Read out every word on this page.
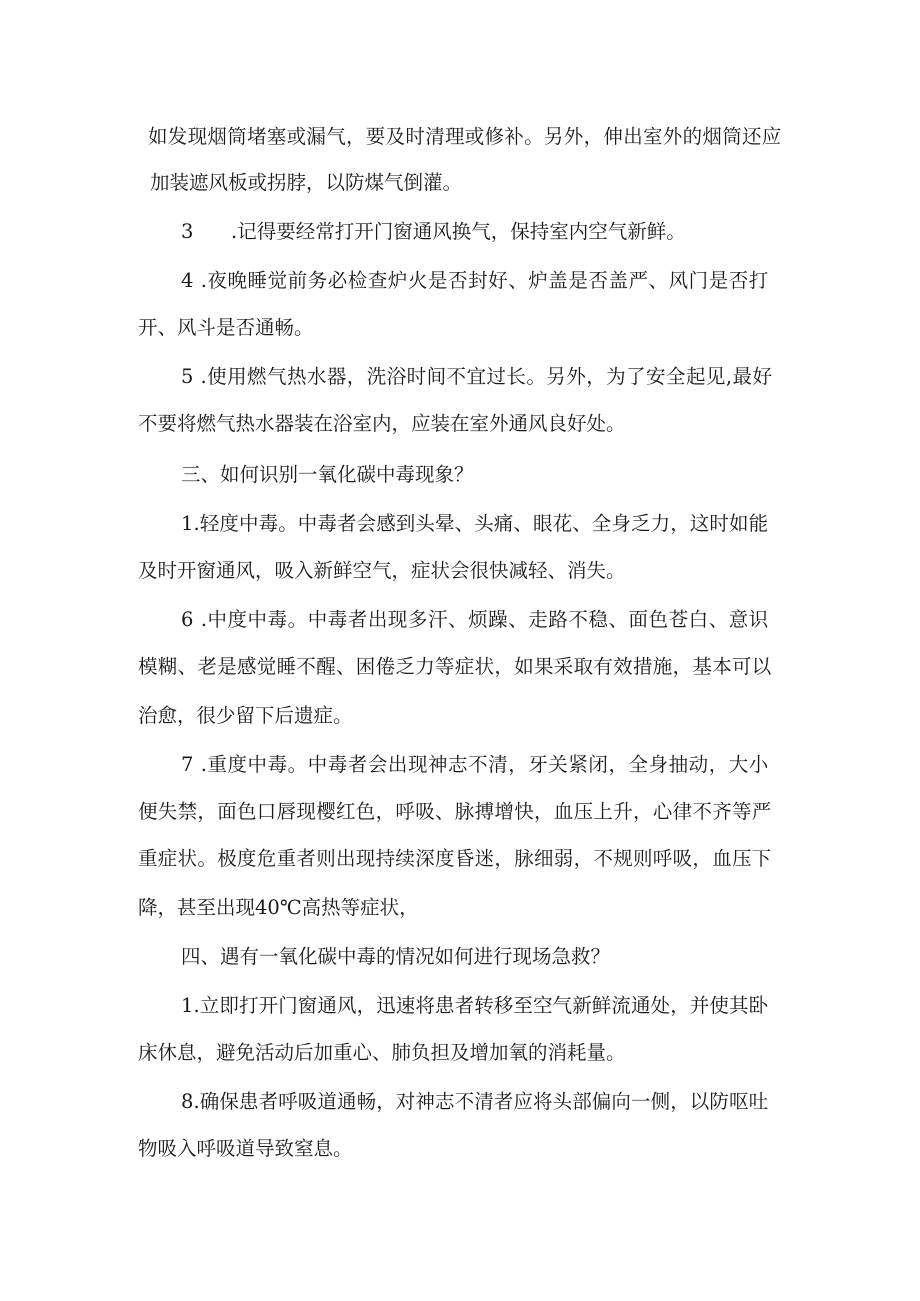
如发现烟筒堵塞或漏气，要及时清理或修补。另外，伸出室外的烟筒还应

加装遮风板或拐脖，以防煤气倒灌。

3 .记得要经常打开门窗通风换气，保持室内空气新鲜。

4 .夜晚睡觉前务必检查炉火是否封好、炉盖是否盖严、风门是否打

开、风斗是否通畅。

5 .使用燃气热水器，洗浴时间不宜过长。另外，为了安全起见,最好

不要将燃气热水器装在浴室内，应装在室外通风良好处。

三、如何识别一氧化碳中毒现象？

1.轻度中毒。中毒者会感到头晕、头痛、眼花、全身乏力，这时如能

及时开窗通风，吸入新鲜空气，症状会很快减轻、消失。

6 .中度中毒。中毒者出现多汗、烦躁、走路不稳、面色苍白、意识

模糊、老是感觉睡不醒、困倦乏力等症状，如果采取有效措施，基本可以

治愈，很少留下后遗症。

7 .重度中毒。中毒者会出现神志不清，牙关紧闭，全身抽动，大小

便失禁，面色口唇现樱红色，呼吸、脉搏增快，血压上升，心律不齐等严

重症状。极度危重者则出现持续深度昏迷，脉细弱，不规则呼吸，血压下

降，甚至出现40℃高热等症状，

四、遇有一氧化碳中毒的情况如何进行现场急救？

1.立即打开门窗通风，迅速将患者转移至空气新鲜流通处，并使其卧

床休息，避免活动后加重心、肺负担及增加氧的消耗量。

8.确保患者呼吸道通畅，对神志不清者应将头部偏向一侧，以防呕吐

物吸入呼吸道导致窒息。
